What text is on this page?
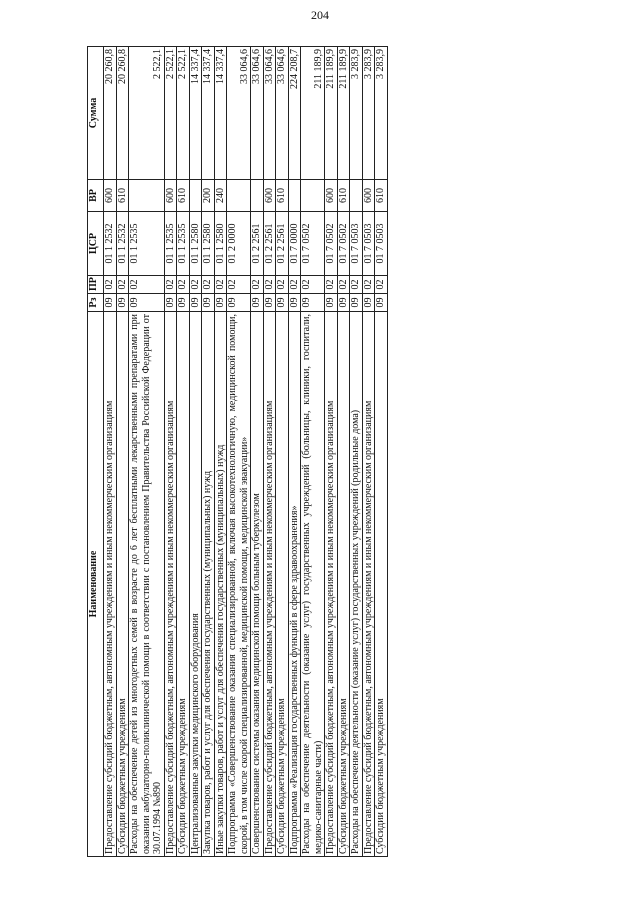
204
Наименование	Рз	ПР	ЦСР	ВР	Сумма
Предоставление субсидий бюджетным, автономным учреждениям и иным некоммерческим организациям	09	02	01 1 2532	600	20 260,8
Субсидии бюджетным учреждениям	09	02	01 1 2532	610	20 260,8
Расходы на обеспечение детей из многодетных семей в возрасте до 6 лет бесплатными лекарственными препаратами при оказании амбулаторно-поликлинической помощи в соответствии с постановлением Правительства Российской Федерации от 30.07.1994 №890	09	02	01 1 2535		2 522,1
Предоставление субсидий бюджетным, автономным учреждениям и иным некоммерческим организациям	09	02	01 1 2535	600	2 522,1
Субсидии бюджетным учреждениям	09	02	01 1 2535	610	2 522,1
Централизованные закупки медицинского оборудования	09	02	01 1 2580		14 337,4
Закупка товаров, работ и услуг для обеспечения государственных (муниципальных) нужд	09	02	01 1 2580	200	14 337,4
Иные закупки товаров, работ и услуг для обеспечения государственных (муниципальных) нужд	09	02	01 1 2580	240	14 337,4
Подпрограмма «Совершенствование оказания специализированной, включая высокотехнологичную, медицинской помощи, скорой, в том числе скорой специализированной, медицинской помощи, медицинской эвакуации»	09	02	01 2 0000		33 064,6
Совершенствование системы оказания медицинской помощи больным туберкулезом	09	02	01 2 2561		33 064,6
Предоставление субсидий бюджетным, автономным учреждениям и иным некоммерческим организациям	09	02	01 2 2561	600	33 064,6
Субсидии бюджетным учреждениям	09	02	01 2 2561	610	33 064,6
Подпрограмма «Реализация государственных функций в сфере здравоохранения»	09	02	01 7 0000		224 208,7
Расходы на обеспечение деятельности (оказание услуг) государственных учреждений (больницы, клиники, госпитали, медико-санитарные части)	09	02	01 7 0502		211 189,9
Предоставление субсидий бюджетным, автономным учреждениям и иным некоммерческим организациям	09	02	01 7 0502	600	211 189,9
Субсидии бюджетным учреждениям	09	02	01 7 0502	610	211 189,9
Расходы на обеспечение деятельности (оказание услуг) государственных учреждений (родильные дома)	09	02	01 7 0503		3 283,9
Предоставление субсидий бюджетным, автономным учреждениям и иным некоммерческим организациям	09	02	01 7 0503	600	3 283,9
Субсидии бюджетным учреждениям	09	02	01 7 0503	610	3 283,9
